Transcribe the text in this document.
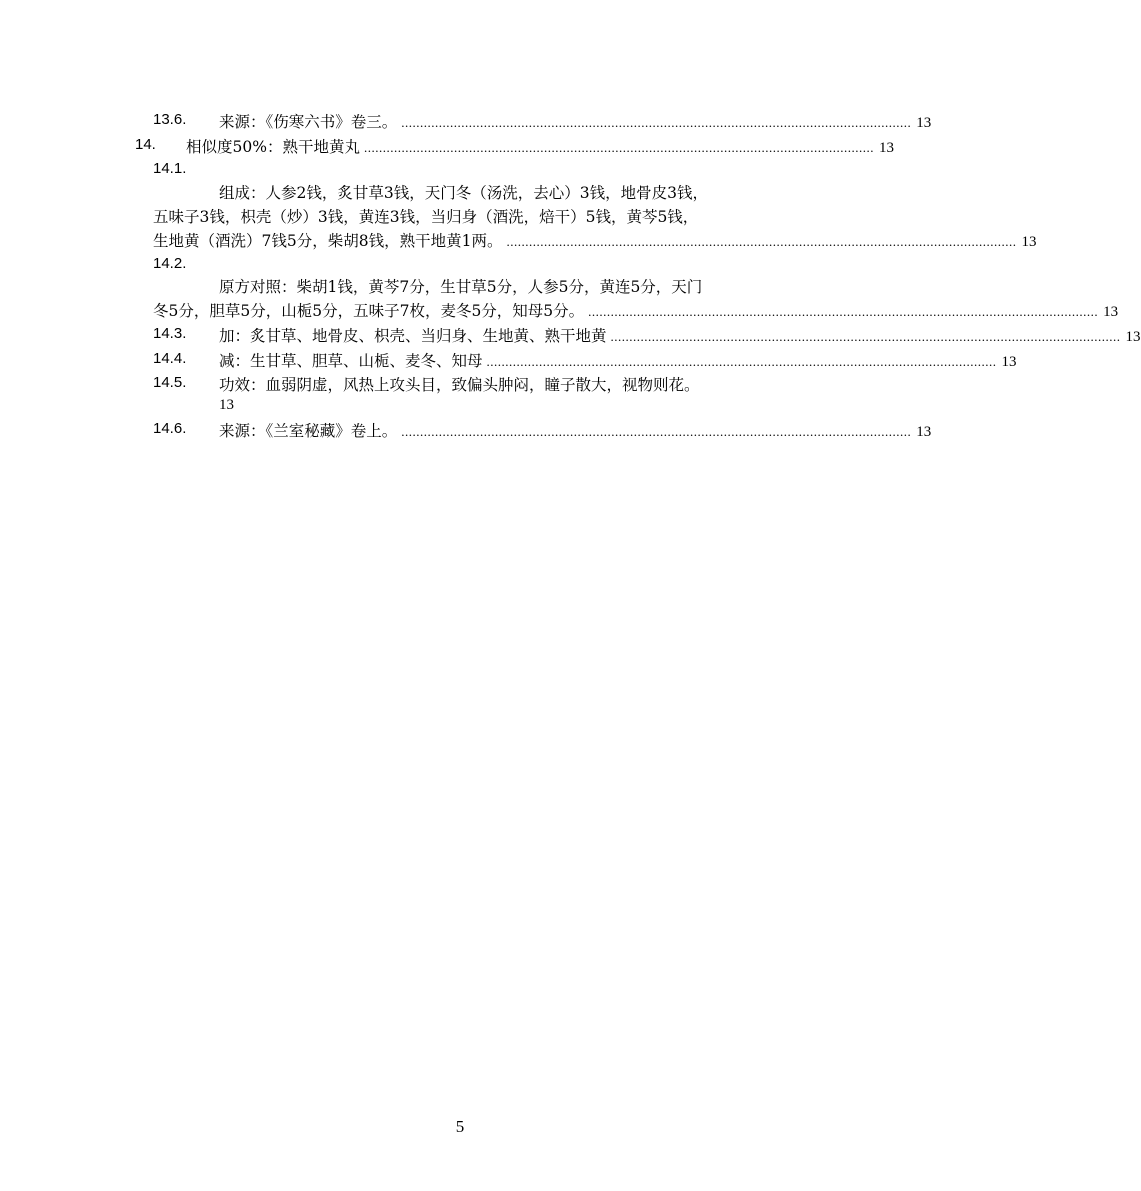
13.6. 来源：《伤寒六书》卷三。 ........................................................................................................................................ 13
14. 相似度50%：熟干地黄丸 ........................................................................................................................................ 13
14.1.
组成：人参2钱，炙甘草3钱，天门冬（汤洗，去心）3钱，地骨皮3钱，
五味子3钱，枳壳（炒）3钱，黄连3钱，当归身（酒洗，焙干）5钱，黄芩5钱，
生地黄（酒洗）7钱5分，柴胡8钱，熟干地黄1两。 ........................................................................................................................................ 13
14.2.
原方对照：柴胡1钱，黄芩7分，生甘草5分，人参5分，黄连5分，天门
冬5分，胆草5分，山栀5分，五味子7枚，麦冬5分，知母5分。 ........................................................................................................................................ 13
14.3. 加：炙甘草、地骨皮、枳壳、当归身、生地黄、熟干地黄 ........................................................................................................................................ 13
14.4. 减：生甘草、胆草、山栀、麦冬、知母 ........................................................................................................................................ 13
14.5. 功效：血弱阴虚，风热上攻头目，致偏头肿闷，瞳子散大，视物则花。
13
14.6. 来源：《兰室秘藏》卷上。 ........................................................................................................................................ 13
5
